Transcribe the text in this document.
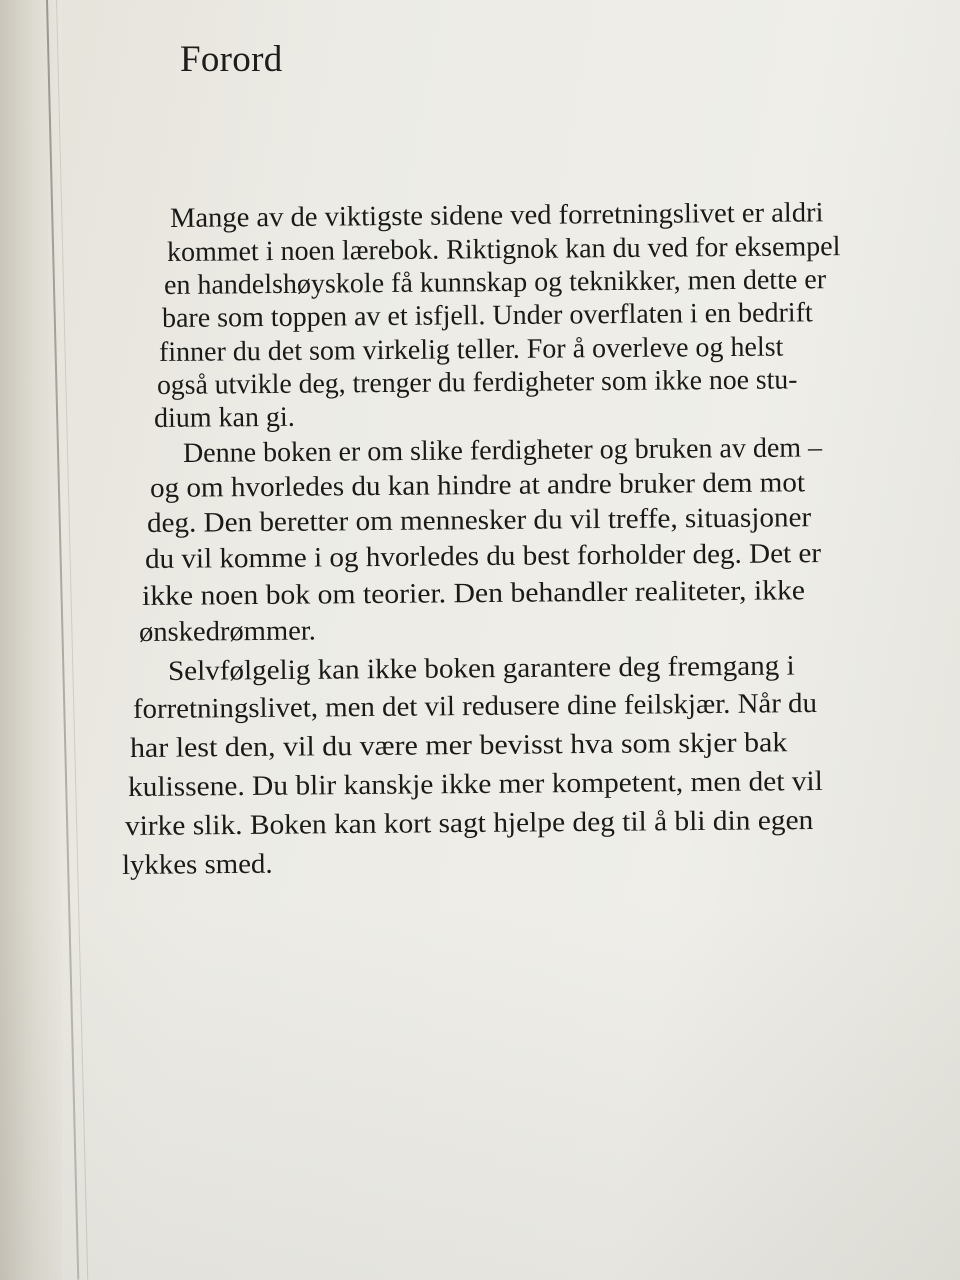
Forord
Mange av de viktigste sidene ved forretningslivet er aldri
kommet i noen lærebok. Riktignok kan du ved for eksempel
en handelshøyskole få kunnskap og teknikker, men dette er
bare som toppen av et isfjell. Under overflaten i en bedrift
finner du det som virkelig teller. For å overleve og helst
også utvikle deg, trenger du ferdigheter som ikke noe stu-
dium kan gi.
Denne boken er om slike ferdigheter og bruken av dem –
og om hvorledes du kan hindre at andre bruker dem mot
deg. Den beretter om mennesker du vil treffe, situasjoner
du vil komme i og hvorledes du best forholder deg. Det er
ikke noen bok om teorier. Den behandler realiteter, ikke
ønskedrømmer.
Selvfølgelig kan ikke boken garantere deg fremgang i
forretningslivet, men det vil redusere dine feilskjær. Når du
har lest den, vil du være mer bevisst hva som skjer bak
kulissene. Du blir kanskje ikke mer kompetent, men det vil
virke slik. Boken kan kort sagt hjelpe deg til å bli din egen
lykkes smed.
